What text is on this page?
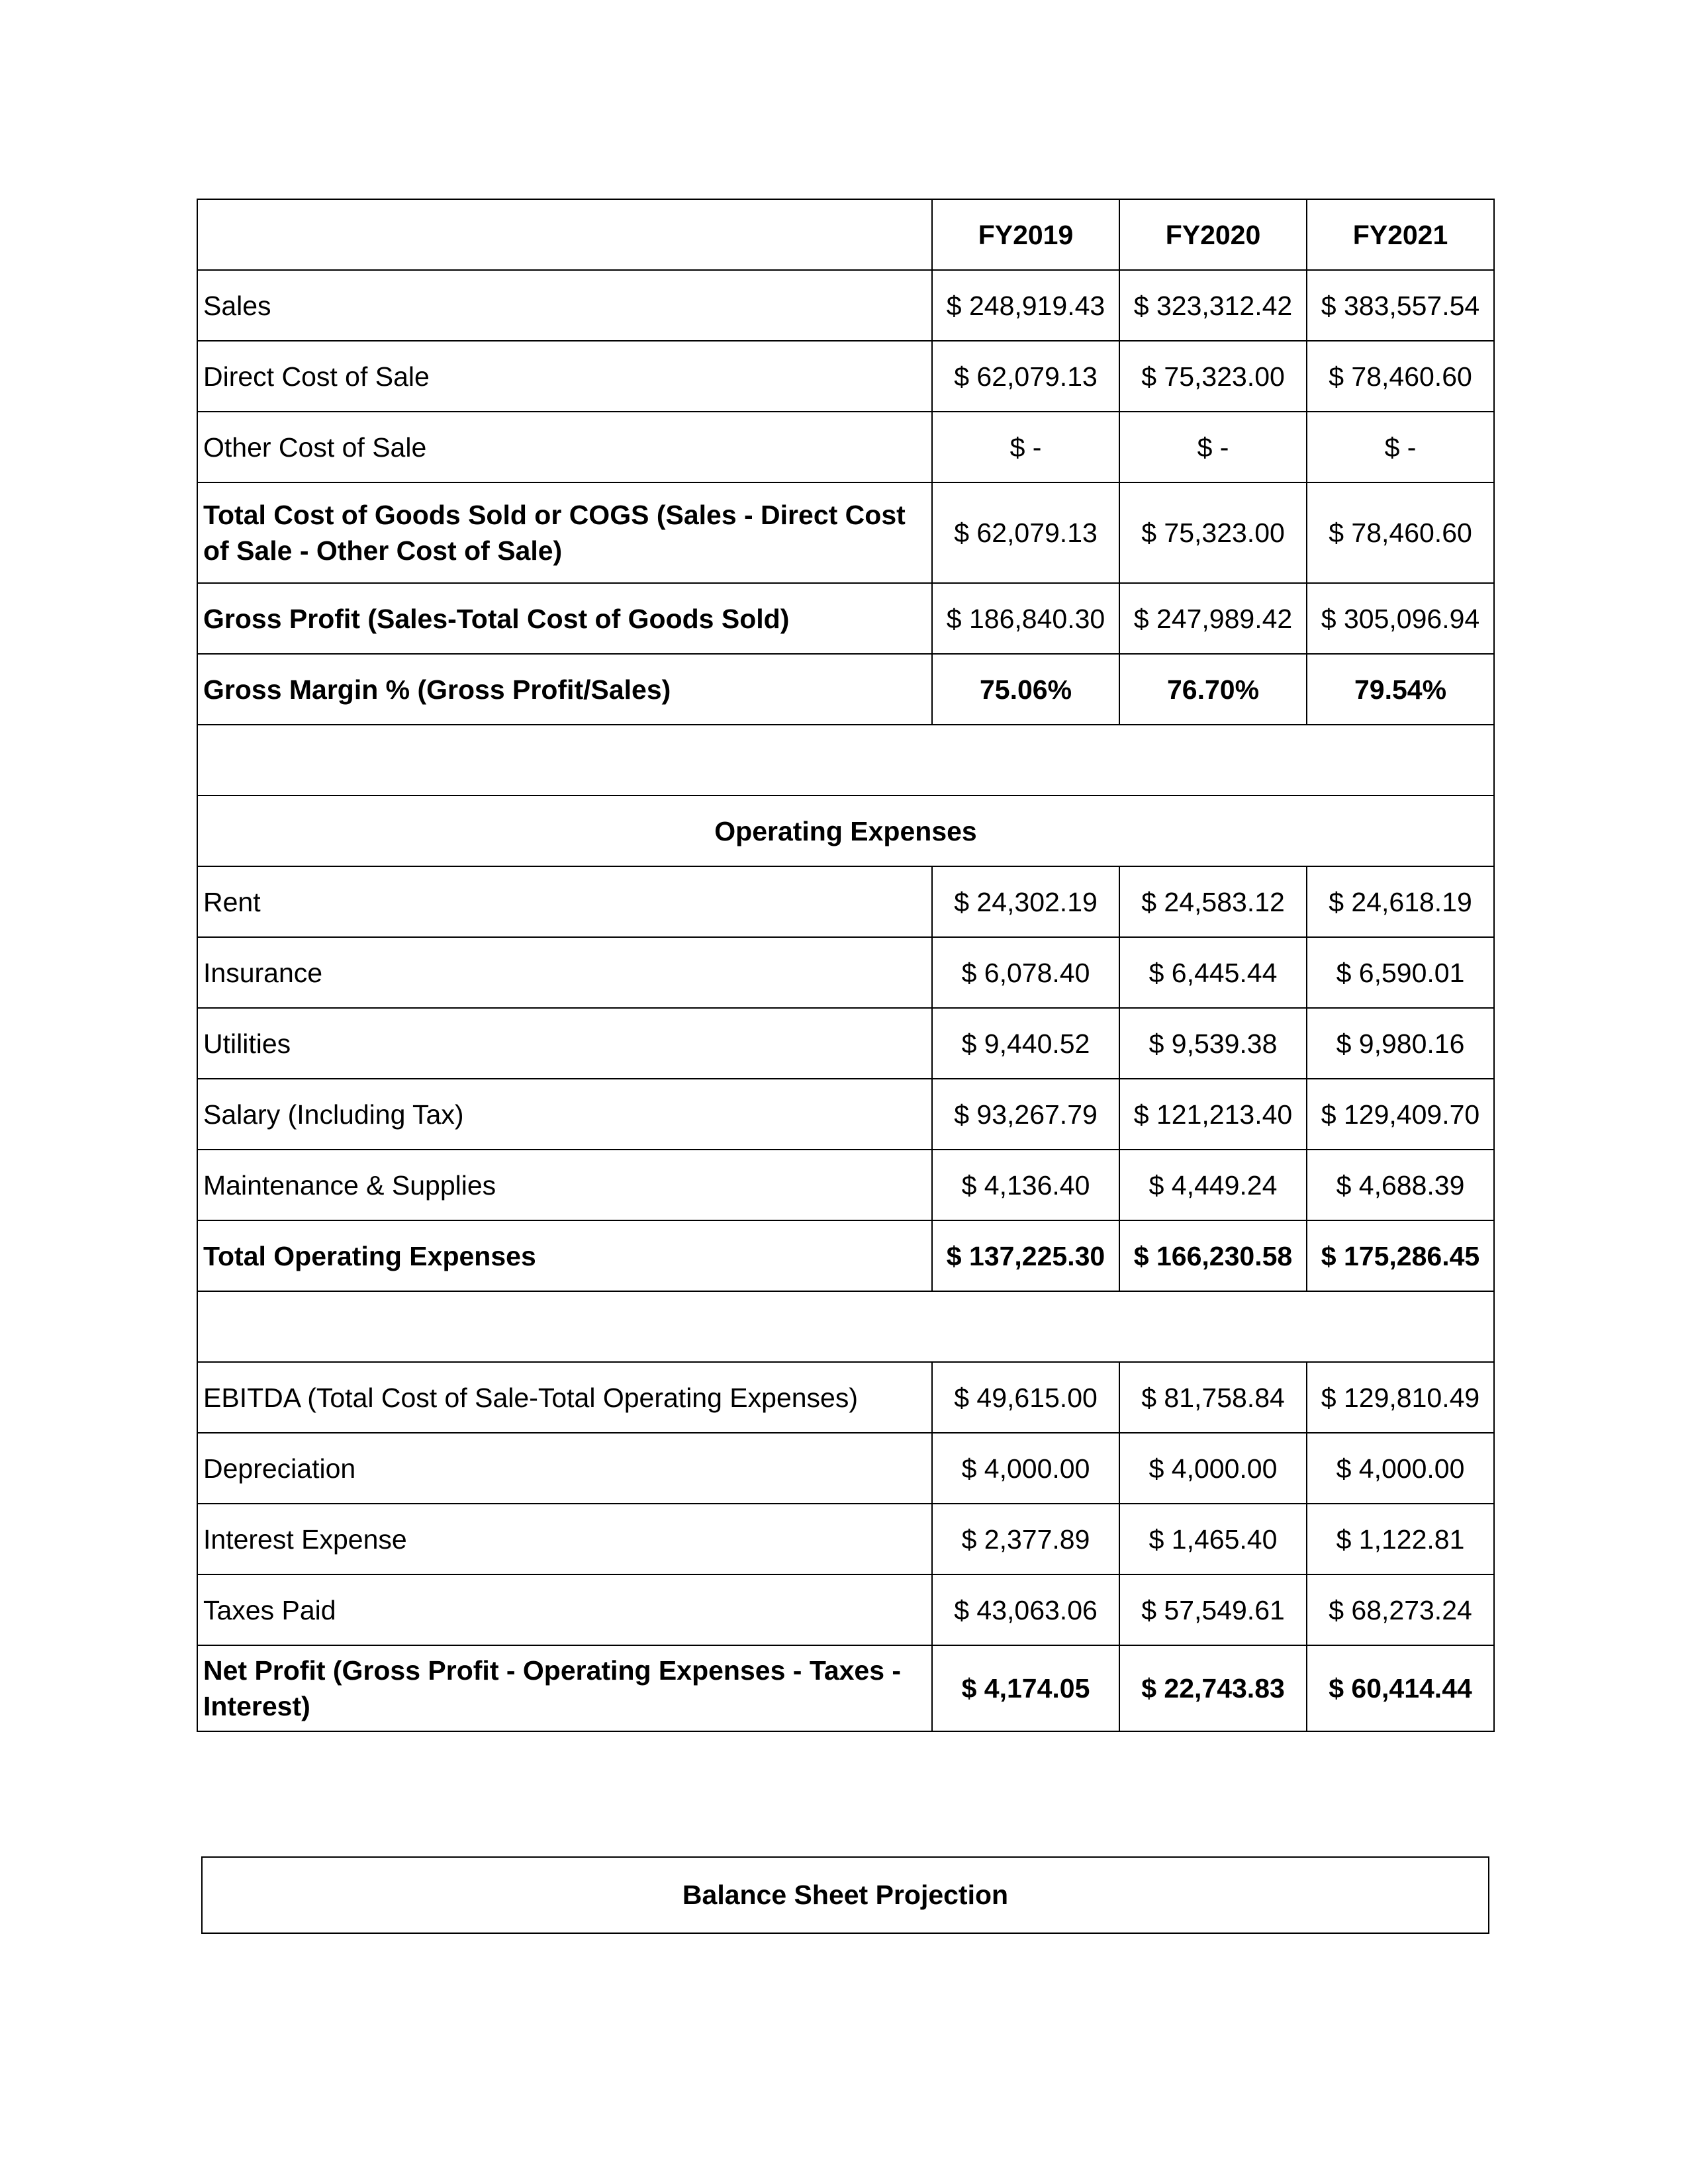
	FY2019	FY2020	FY2021
Sales	$ 248,919.43	$ 323,312.42	$ 383,557.54
Direct Cost of Sale	$ 62,079.13	$ 75,323.00	$ 78,460.60
Other Cost of Sale	$ -	$ -	$ -
Total Cost of Goods Sold or COGS (Sales - Direct Cost of Sale - Other Cost of Sale)	$ 62,079.13	$ 75,323.00	$ 78,460.60
Gross Profit (Sales-Total Cost of Goods Sold)	$ 186,840.30	$ 247,989.42	$ 305,096.94
Gross Margin % (Gross Profit/Sales)	75.06%	76.70%	79.54%

Operating Expenses			
Rent	$ 24,302.19	$ 24,583.12	$ 24,618.19
Insurance	$ 6,078.40	$ 6,445.44	$ 6,590.01
Utilities	$ 9,440.52	$ 9,539.38	$ 9,980.16
Salary (Including Tax)	$ 93,267.79	$ 121,213.40	$ 129,409.70
Maintenance & Supplies	$ 4,136.40	$ 4,449.24	$ 4,688.39
Total Operating Expenses	$ 137,225.30	$ 166,230.58	$ 175,286.45

EBITDA (Total Cost of Sale-Total Operating Expenses)	$ 49,615.00	$ 81,758.84	$ 129,810.49
Depreciation	$ 4,000.00	$ 4,000.00	$ 4,000.00
Interest Expense	$ 2,377.89	$ 1,465.40	$ 1,122.81
Taxes Paid	$ 43,063.06	$ 57,549.61	$ 68,273.24
Net Profit (Gross Profit - Operating Expenses - Taxes - Interest)	$ 4,174.05	$ 22,743.83	$ 60,414.44
Balance Sheet Projection
